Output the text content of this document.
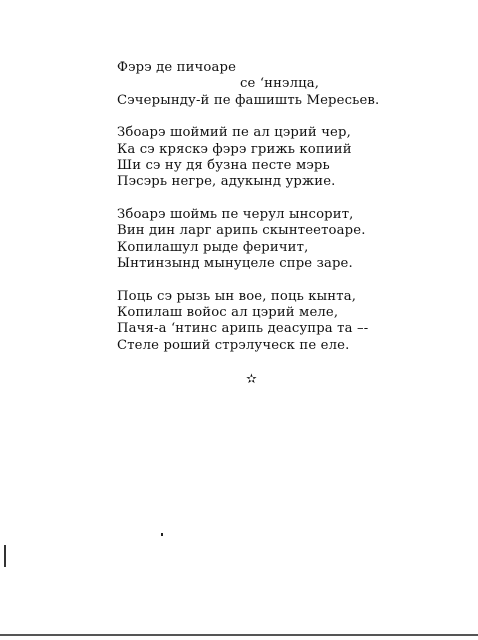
Фэрэ де пичоаре
се ‘ннэлца,
Сэчерынду-й пе фашишть Мересьев.
Збоарэ шоймий пе ал цэрий чер,
Ка сэ кряскэ фэрэ грижь копиий
Ши сэ ну дя бузна песте мэрь
Пэсэрь негре, адукынд уржие.
Збоарэ шоймь пе черул ынсорит,
Вин дин ларг арипь скынтеетоаре.
Копилашул рыде феричит,
Ынтинзынд мынуцеле спре заре.
Поць сэ рызь ын вое, поць кынта,
Копилаш войос ал цэрий меле,
Пачя-а ‘нтинс арипь деасупра та –-
Стеле роший стрэлуческ пе еле.
✫
